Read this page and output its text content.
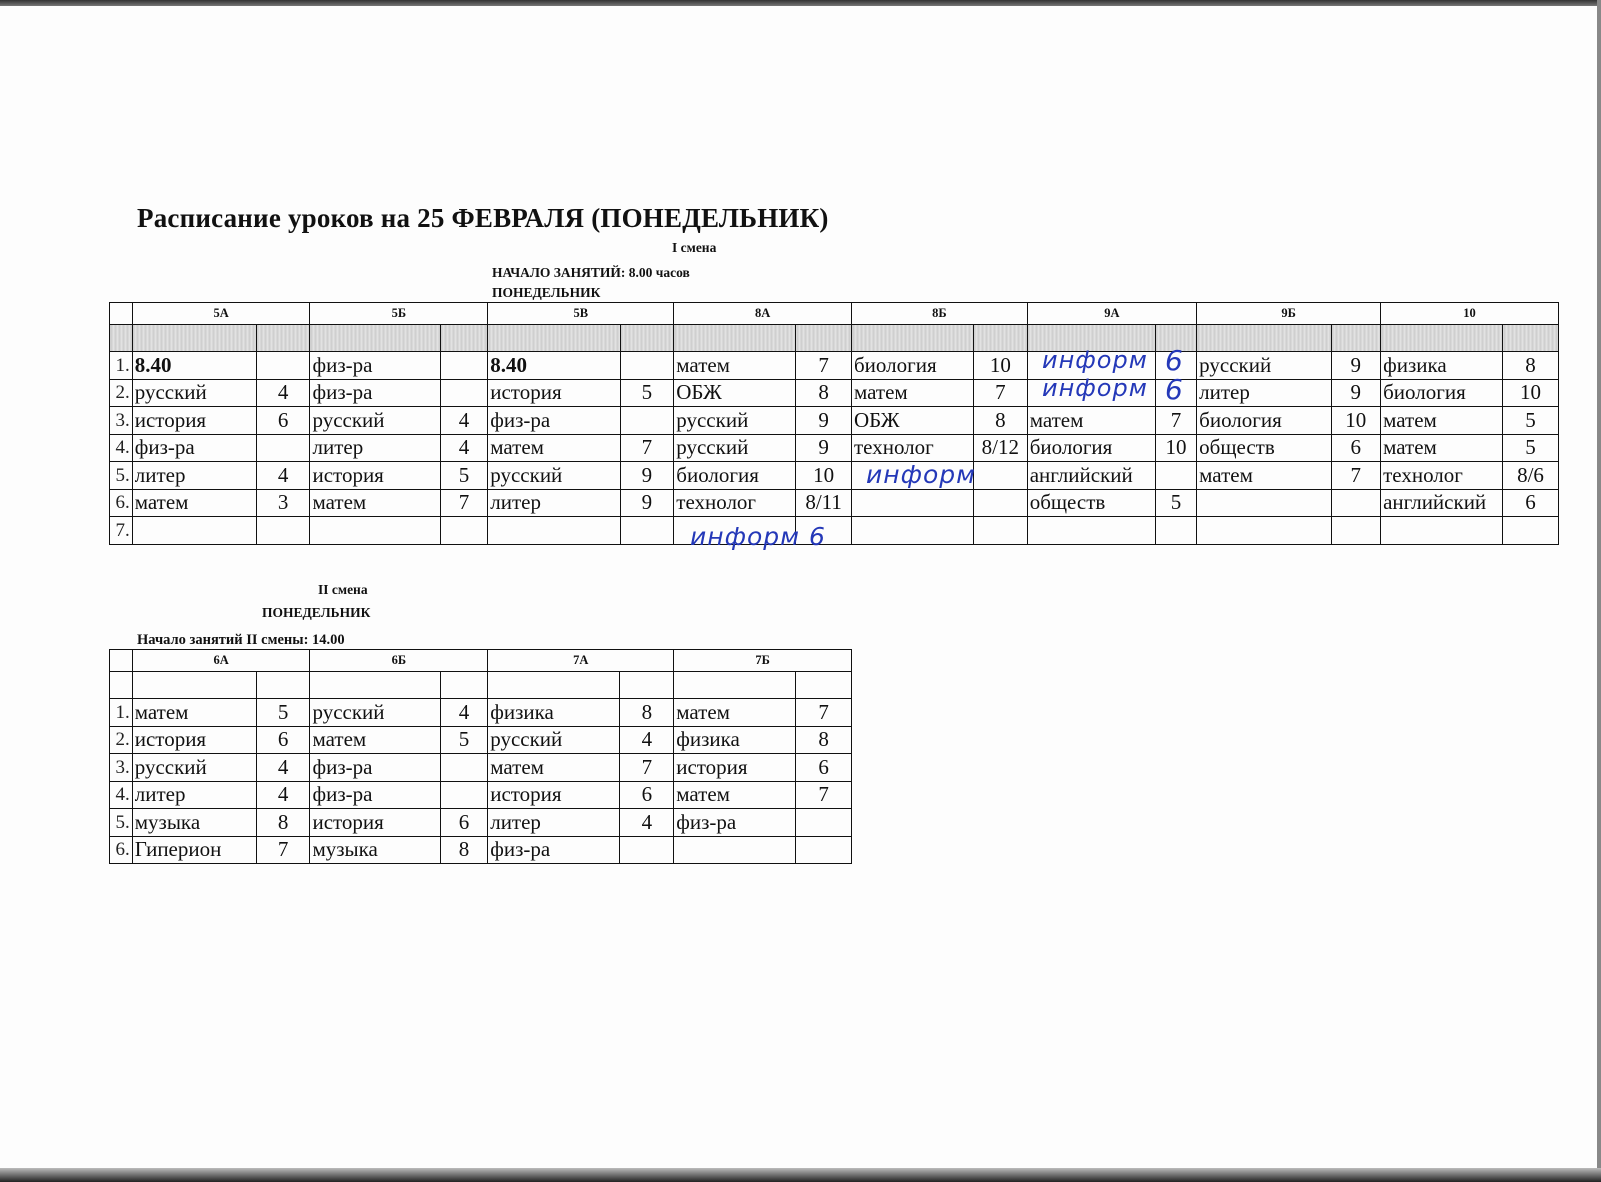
Расписание уроков на 25 ФЕВРАЛЯ (ПОНЕДЕЛЬНИК)
I смена
НАЧАЛО ЗАНЯТИЙ: 8.00 часов
ПОНЕДЕЛЬНИК
	5А		5Б		5В		8А		8Б		9А		9Б		10	

1.	8.40		физ-ра		8.40		матем	7	биология	10			русский	9	физика	8
2.	русский	4	физ-ра		история	5	ОБЖ	8	матем	7			литер	9	биология	10
3.	история	6	русский	4	физ-ра		русский	9	ОБЖ	8	матем	7	биология	10	матем	5
4.	физ-ра		литер	4	матем	7	русский	9	технолог	8/12	биология	10	обществ	6	матем	5
5.	литер	4	история	5	русский	9	биология	10			английский		матем	7	технолог	8/6
6.	матем	3	матем	7	литер	9	технолог	8/11			обществ	5			английский	6
7.																
II смена
ПОНЕДЕЛЬНИК
Начало занятий II смены: 14.00
	6А		6Б		7А		7Б	

1.	матем	5	русский	4	физика	8	матем	7
2.	история	6	матем	5	русский	4	физика	8
3.	русский	4	физ-ра		матем	7	история	6
4.	литер	4	физ-ра		история	6	матем	7
5.	музыка	8	история	6	литер	4	физ-ра	
6.	Гиперион	7	музыка	8	физ-ра			
информ 6
информ 6
информ
информ 6
